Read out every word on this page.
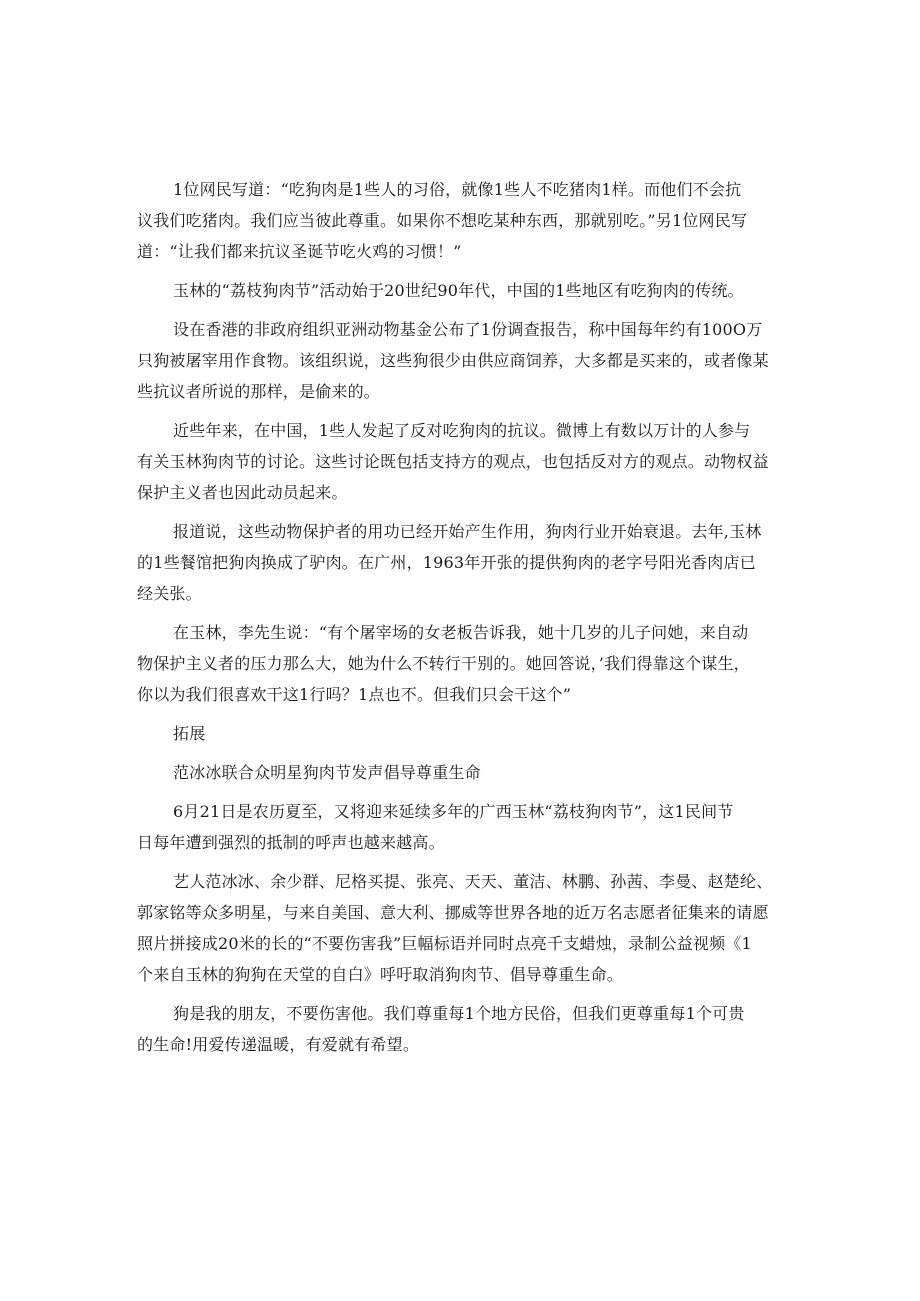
1位网民写道：“吃狗肉是1些人的习俗，就像1些人不吃猪肉1样。而他们不会抗
议我们吃猪肉。我们应当彼此尊重。如果你不想吃某种东西，那就别吃。”另1位网民写
道：“让我们都来抗议圣诞节吃火鸡的习惯！”

玉林的“荔枝狗肉节”活动始于20世纪90年代，中国的1些地区有吃狗肉的传统。

设在香港的非政府组织亚洲动物基金公布了1份调查报告，称中国每年约有100O万
只狗被屠宰用作食物。该组织说，这些狗很少由供应商饲养，大多都是买来的，或者像某
些抗议者所说的那样，是偷来的。

近些年来，在中国，1些人发起了反对吃狗肉的抗议。微博上有数以万计的人参与
有关玉林狗肉节的讨论。这些讨论既包括支持方的观点，也包括反对方的观点。动物权益
保护主义者也因此动员起来。

报道说，这些动物保护者的用功已经开始产生作用，狗肉行业开始衰退。去年,玉林
的1些餐馆把狗肉换成了驴肉。在广州，1963年开张的提供狗肉的老字号阳光香肉店已
经关张。

在玉林，李先生说：“有个屠宰场的女老板告诉我，她十几岁的儿子问她，来自动
物保护主义者的压力那么大，她为什么不转行干别的。她回答说，’我们得靠这个谋生，
你以为我们很喜欢干这1行吗？1点也不。但我们只会干这个”

拓展

范冰冰联合众明星狗肉节发声倡导尊重生命

6月21日是农历夏至，又将迎来延续多年的广西玉林“荔枝狗肉节”，这1民间节
日每年遭到强烈的抵制的呼声也越来越高。

艺人范冰冰、余少群、尼格买提、张亮、天天、董洁、林鹏、孙茜、李曼、赵楚纶、
郭家铭等众多明星，与来自美国、意大利、挪威等世界各地的近万名志愿者征集来的请愿
照片拼接成20米的长的“不要伤害我”巨幅标语并同时点亮千支蜡烛，录制公益视频《1
个来自玉林的狗狗在天堂的自白》呼吁取消狗肉节、倡导尊重生命。

狗是我的朋友，不要伤害他。我们尊重每1个地方民俗，但我们更尊重每1个可贵
的生命!用爱传递温暖，有爱就有希望。
